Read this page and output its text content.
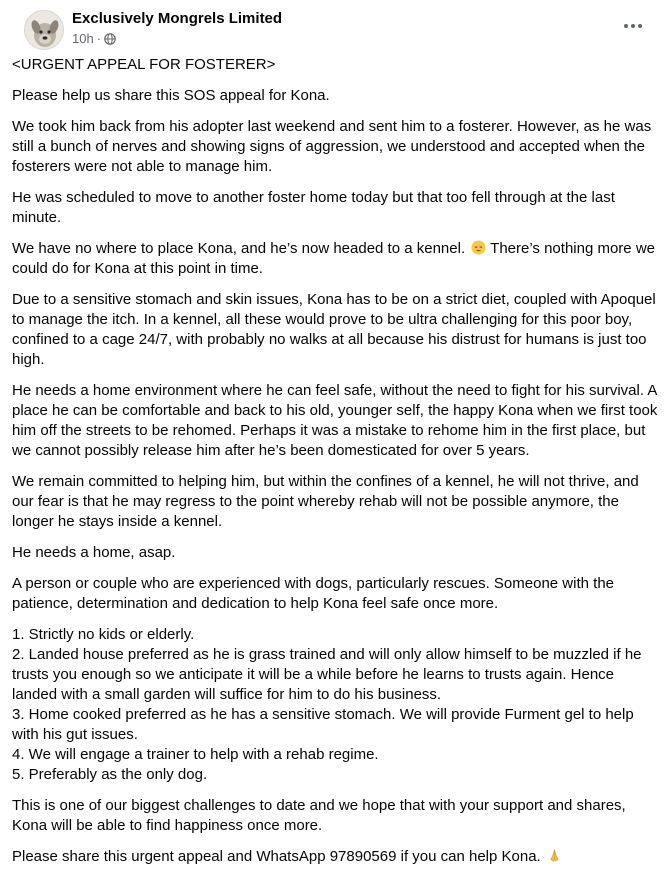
Exclusively Mongrels Limited
10h ·

<URGENT APPEAL FOR FOSTERER>

Please help us share this SOS appeal for Kona.

We took him back from his adopter last weekend and sent him to a fosterer. However, as he was still a bunch of nerves and showing signs of aggression, we understood and accepted when the fosterers were not able to manage him.

He was scheduled to move to another foster home today but that too fell through at the last minute.

We have no where to place Kona, and he’s now headed to a kennel.  There’s nothing more we could do for Kona at this point in time.

Due to a sensitive stomach and skin issues, Kona has to be on a strict diet, coupled with Apoquel to manage the itch. In a kennel, all these would prove to be ultra challenging for this poor boy, confined to a cage 24/7, with probably no walks at all because his distrust for humans is just too high.

He needs a home environment where he can feel safe, without the need to fight for his survival. A place he can be comfortable and back to his old, younger self, the happy Kona when we first took him off the streets to be rehomed. Perhaps it was a mistake to rehome him in the first place, but we cannot possibly release him after he’s been domesticated for over 5 years.

We remain committed to helping him, but within the confines of a kennel, he will not thrive, and our fear is that he may regress to the point whereby rehab will not be possible anymore, the longer he stays inside a kennel.

He needs a home, asap.

A person or couple who are experienced with dogs, particularly rescues. Someone with the patience, determination and dedication to help Kona feel safe once more.

1. Strictly no kids or elderly.
2. Landed house preferred as he is grass trained and will only allow himself to be muzzled if he trusts you enough so we anticipate it will be a while before he learns to trusts again. Hence landed with a small garden will suffice for him to do his business.
3. Home cooked preferred as he has a sensitive stomach. We will provide Furment gel to help with his gut issues.
4. We will engage a trainer to help with a rehab regime.
5. Preferably as the only dog.

This is one of our biggest challenges to date and we hope that with your support and shares, Kona will be able to find happiness once more.

Please share this urgent appeal and WhatsApp 97890569 if you can help Kona.
